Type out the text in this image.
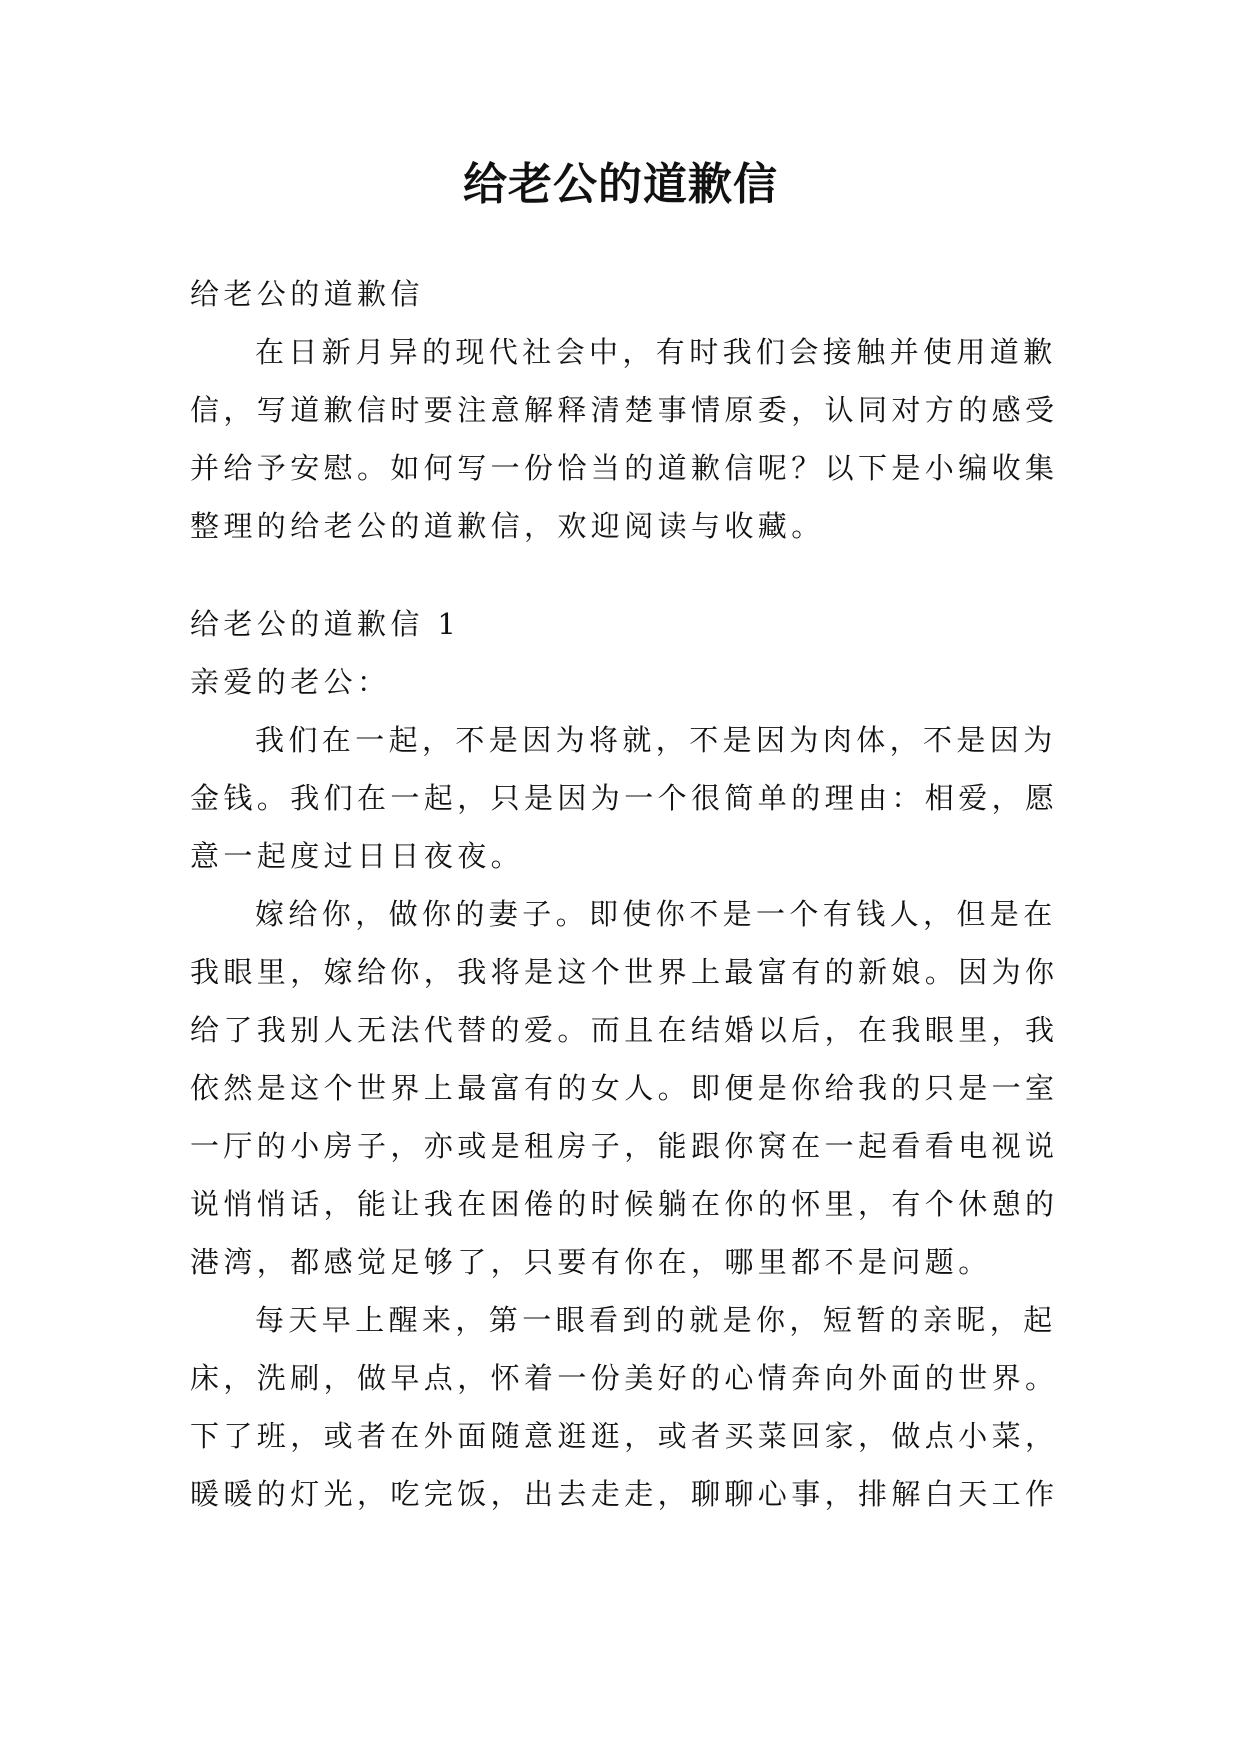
给老公的道歉信
给老公的道歉信
在日新月异的现代社会中，有时我们会接触并使用道歉
信，写道歉信时要注意解释清楚事情原委，认同对方的感受
并给予安慰。如何写一份恰当的道歉信呢？以下是小编收集
整理的给老公的道歉信，欢迎阅读与收藏。
给老公的道歉信 1
亲爱的老公：
我们在一起，不是因为将就，不是因为肉体，不是因为
金钱。我们在一起，只是因为一个很简单的理由：相爱，愿
意一起度过日日夜夜。
嫁给你，做你的妻子。即使你不是一个有钱人，但是在
我眼里，嫁给你，我将是这个世界上最富有的新娘。因为你
给了我别人无法代替的爱。而且在结婚以后，在我眼里，我
依然是这个世界上最富有的女人。即便是你给我的只是一室
一厅的小房子，亦或是租房子，能跟你窝在一起看看电视说
说悄悄话，能让我在困倦的时候躺在你的怀里，有个休憩的
港湾，都感觉足够了，只要有你在，哪里都不是问题。
每天早上醒来，第一眼看到的就是你，短暂的亲昵，起
床，洗刷，做早点，怀着一份美好的心情奔向外面的世界。
下了班，或者在外面随意逛逛，或者买菜回家，做点小菜，
暖暖的灯光，吃完饭，出去走走，聊聊心事，排解白天工作
